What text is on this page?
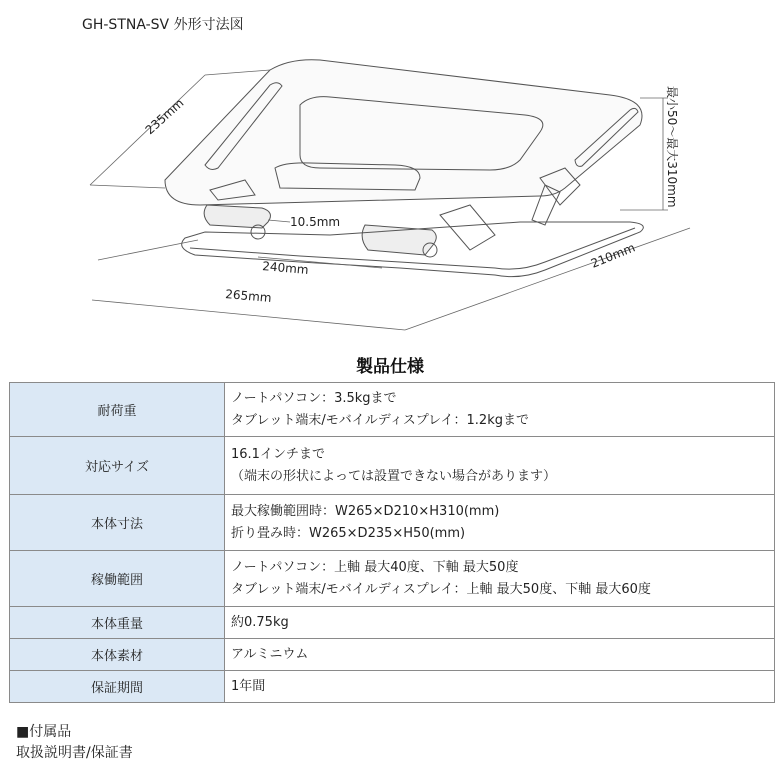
GH-STNA-SV 外形寸法図
235mm	最小50～最大310mm
10.5mm
240mm
265mm
210mm
製品仕様
耐荷重	ノートパソコン：3.5kgまで
タブレット端末/モバイルディスプレイ：1.2kgまで

対応サイズ	16.1インチまで
（端末の形状によっては設置できない場合があります）

本体寸法	最大稼働範囲時：W265×D210×H310(mm)
折り畳み時：W265×D235×H50(mm)

稼働範囲	ノートパソコン：上軸 最大40度、下軸 最大50度
タブレット端末/モバイルディスプレイ：上軸 最大50度、下軸 最大60度

本体重量	約0.75kg

本体素材	アルミニウム

保証期間	1年間
■付属品
取扱説明書/保証書
